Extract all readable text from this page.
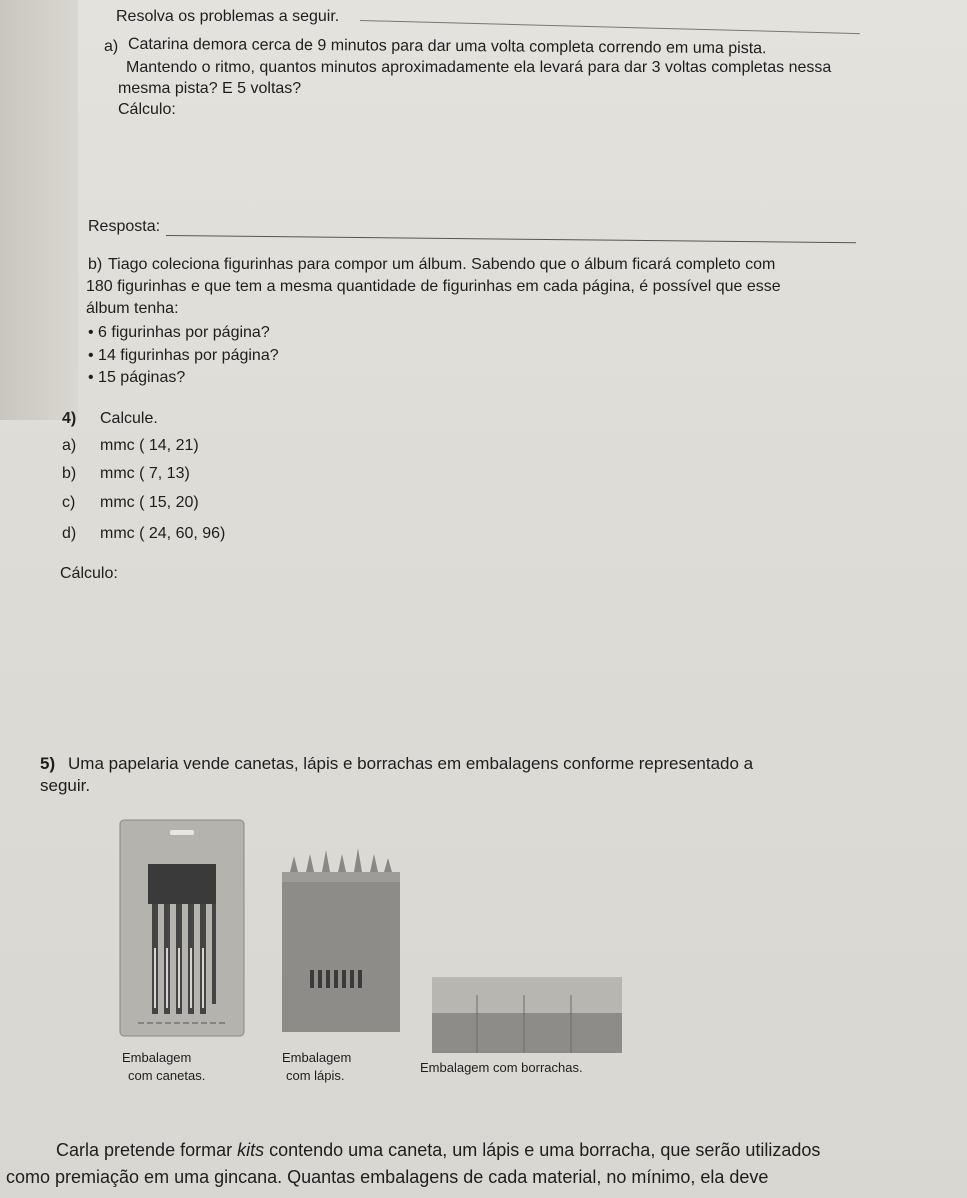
Resolva os problemas a seguir.
a) Catarina demora cerca de 9 minutos para dar uma volta completa correndo em uma pista.
Mantendo o ritmo, quantos minutos aproximadamente ela levará para dar 3 voltas completas nessa
mesma pista? E 5 voltas?
Cálculo:
Resposta:
b) Tiago coleciona figurinhas para compor um álbum. Sabendo que o álbum ficará completo com
180 figurinhas e que tem a mesma quantidade de figurinhas em cada página, é possível que esse
álbum tenha:
• 6 figurinhas por página?
• 14 figurinhas por página?
• 15 páginas?
4) Calcule.
a) mmc ( 14, 21)
b) mmc ( 7, 13)
c) mmc ( 15, 20)
d) mmc ( 24, 60, 96)
Cálculo:
5) Uma papelaria vende canetas, lápis e borrachas em embalagens conforme representado a
seguir.
Embalagem
com canetas.
Embalagem
com lápis.
Embalagem com borrachas.
Carla pretende formar kits contendo uma caneta, um lápis e uma borracha, que serão utilizados
como premiação em uma gincana. Quantas embalagens de cada material, no mínimo, ela deve
